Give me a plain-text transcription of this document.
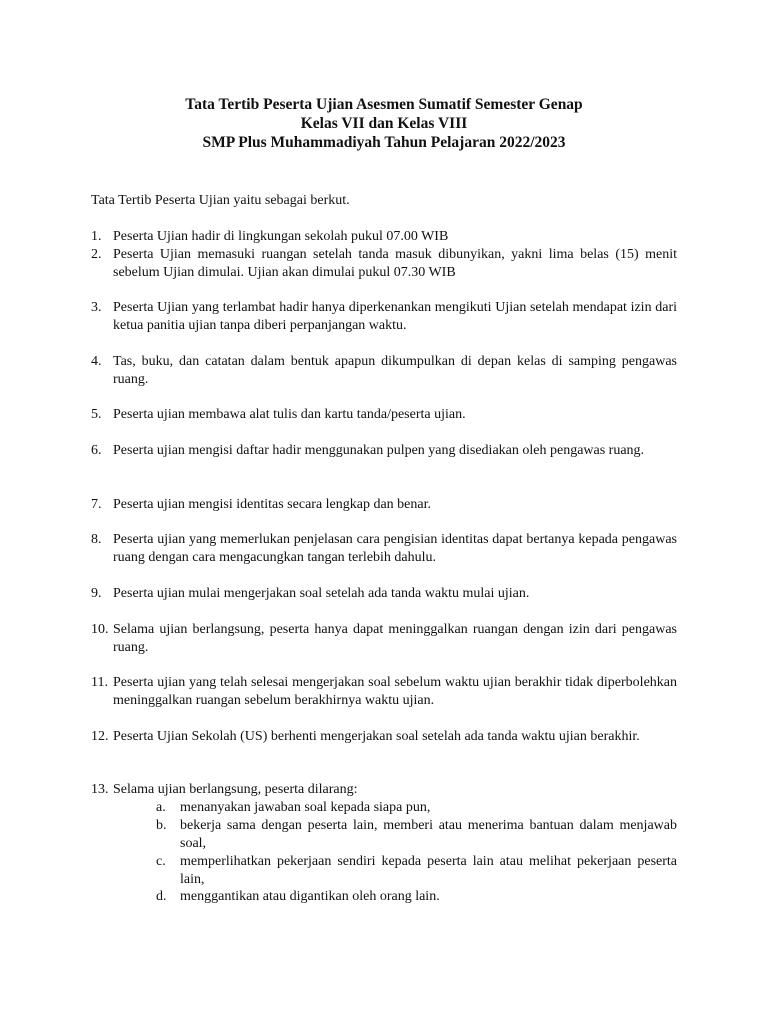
Tata Tertib Peserta Ujian Asesmen Sumatif Semester Genap
Kelas VII dan Kelas VIII
SMP Plus Muhammadiyah Tahun Pelajaran 2022/2023
Tata Tertib Peserta Ujian yaitu sebagai berkut.
1. Peserta Ujian hadir di lingkungan sekolah pukul 07.00 WIB
2. Peserta Ujian memasuki ruangan setelah tanda masuk dibunyikan, yakni lima belas (15) menit sebelum Ujian dimulai. Ujian akan dimulai pukul 07.30 WIB
3. Peserta Ujian yang terlambat hadir hanya diperkenankan mengikuti Ujian setelah mendapat izin dari ketua panitia ujian tanpa diberi perpanjangan waktu.
4. Tas, buku, dan catatan dalam bentuk apapun dikumpulkan di depan kelas di samping pengawas ruang.
5. Peserta ujian membawa alat tulis dan kartu tanda/peserta ujian.
6. Peserta ujian mengisi daftar hadir menggunakan pulpen yang disediakan oleh pengawas ruang.
7. Peserta ujian mengisi identitas secara lengkap dan benar.
8. Peserta ujian yang memerlukan penjelasan cara pengisian identitas dapat bertanya kepada pengawas ruang dengan cara mengacungkan tangan terlebih dahulu.
9. Peserta ujian mulai mengerjakan soal setelah ada tanda waktu mulai ujian.
10. Selama ujian berlangsung, peserta hanya dapat meninggalkan ruangan dengan izin dari pengawas ruang.
11. Peserta ujian yang telah selesai mengerjakan soal sebelum waktu ujian berakhir tidak diperbolehkan meninggalkan ruangan sebelum berakhirnya waktu ujian.
12. Peserta Ujian Sekolah (US) berhenti mengerjakan soal setelah ada tanda waktu ujian berakhir.
13. Selama ujian berlangsung, peserta dilarang:
a. menanyakan jawaban soal kepada siapa pun,
b. bekerja sama dengan peserta lain, memberi atau menerima bantuan dalam menjawab soal,
c. memperlihatkan pekerjaan sendiri kepada peserta lain atau melihat pekerjaan peserta lain,
d. menggantikan atau digantikan oleh orang lain.
